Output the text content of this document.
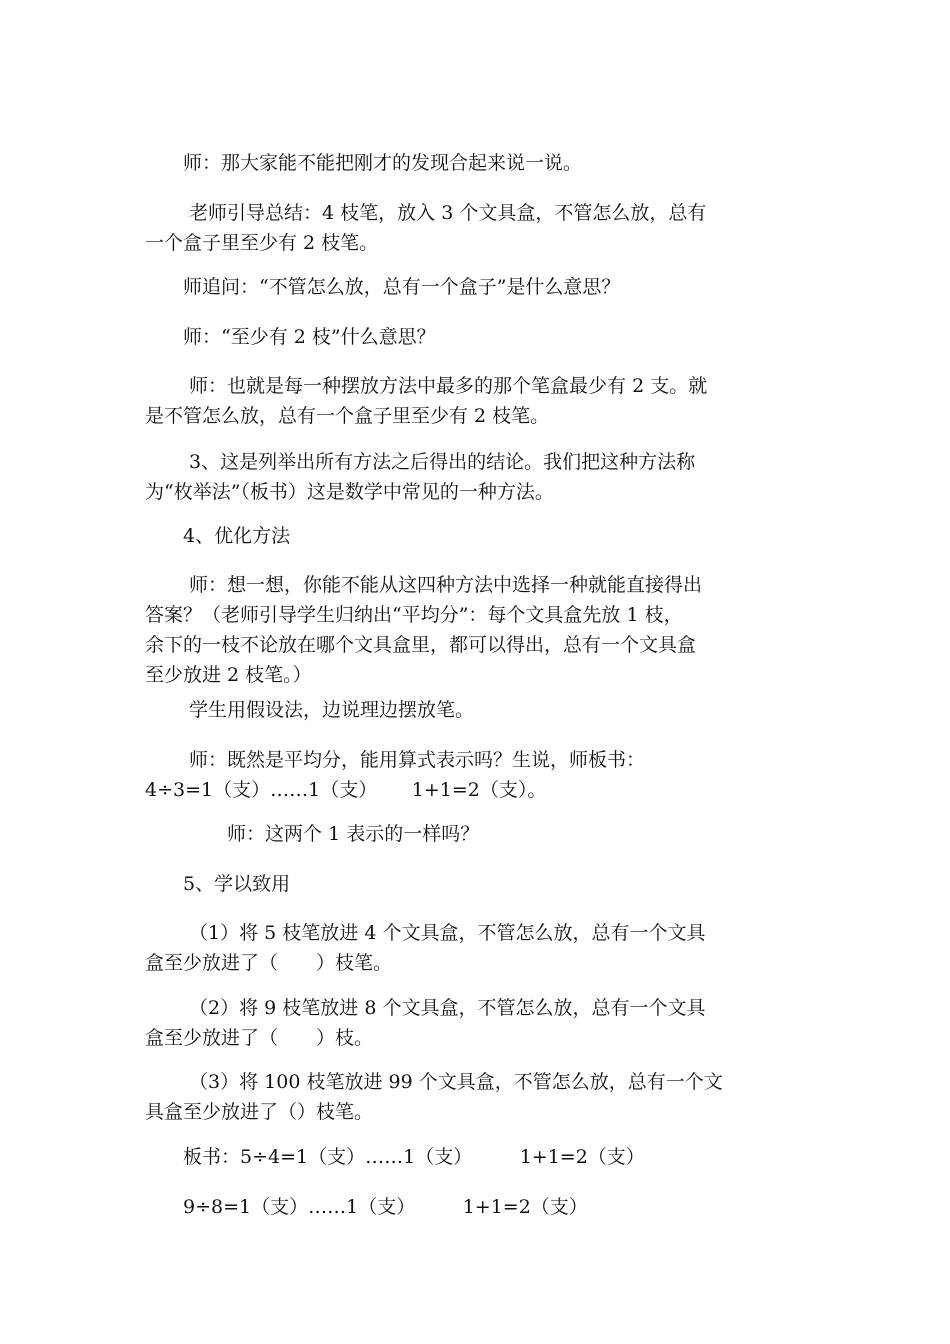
　　师：那大家能不能把刚才的发现合起来说一说。

　　 老师引导总结：4 枝笔，放入 3 个文具盒，不管怎么放，总有
一个盒子里至少有 2 枝笔。

　　师追问：“不管怎么放，总有一个盒子”是什么意思？

　　师：“至少有 2 枝”什么意思？

　　 师：也就是每一种摆放方法中最多的那个笔盒最少有 2 支。就
是不管怎么放，总有一个盒子里至少有 2 枝笔。

　　 3、这是列举出所有方法之后得出的结论。我们把这种方法称
为“枚举法”（板书）这是数学中常见的一种方法。

　　4、优化方法

　　 师：想一想，你能不能从这四种方法中选择一种就能直接得出
答案？（老师引导学生归纳出“平均分”：每个文具盒先放 1 枝，
余下的一枝不论放在哪个文具盒里，都可以得出，总有一个文具盒
至少放进 2 枝笔。）

　　 学生用假设法，边说理边摆放笔。

　　 师：既然是平均分，能用算式表示吗？生说，师板书：
4÷3=1（支）……1（支）　　 1+1=2（支）。

　　　　 师：这两个 1 表示的一样吗？

　　5、学以致用

　　 （1）将 5 枝笔放进 4 个文具盒，不管怎么放，总有一个文具
盒至少放进了（　　）枝笔。

　　 （2）将 9 枝笔放进 8 个文具盒，不管怎么放，总有一个文具
盒至少放进了（　　）枝。

　　 （3）将 100 枝笔放进 99 个文具盒，不管怎么放，总有一个文
具盒至少放进了（）枝笔。

　　板书：5÷4=1（支）……1（支）　　　1+1=2（支）

　　9÷8=1（支）……1（支）　　　1+1=2（支）
